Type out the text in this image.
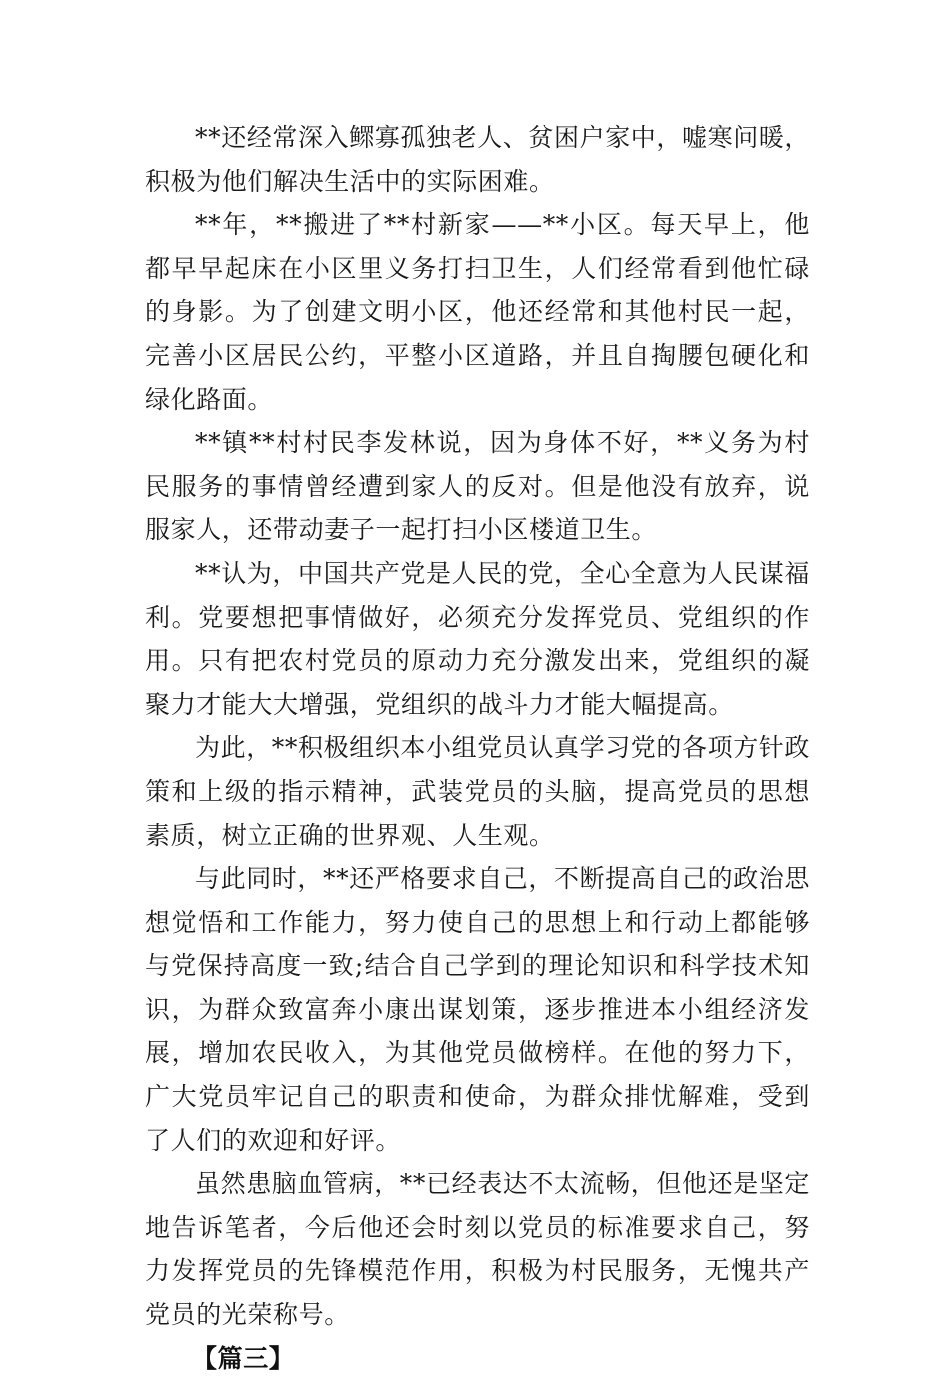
**还经常深入鳏寡孤独老人、贫困户家中，嘘寒问暖，积极为他们解决生活中的实际困难。

**年，**搬进了**村新家——**小区。每天早上，他都早早起床在小区里义务打扫卫生，人们经常看到他忙碌的身影。为了创建文明小区，他还经常和其他村民一起，完善小区居民公约，平整小区道路，并且自掏腰包硬化和绿化路面。

**镇**村村民李发林说，因为身体不好，**义务为村民服务的事情曾经遭到家人的反对。但是他没有放弃，说服家人，还带动妻子一起打扫小区楼道卫生。

**认为，中国共产党是人民的党，全心全意为人民谋福利。党要想把事情做好，必须充分发挥党员、党组织的作用。只有把农村党员的原动力充分激发出来，党组织的凝聚力才能大大增强，党组织的战斗力才能大幅提高。

为此，**积极组织本小组党员认真学习党的各项方针政策和上级的指示精神，武装党员的头脑，提高党员的思想素质，树立正确的世界观、人生观。

与此同时，**还严格要求自己，不断提高自己的政治思想觉悟和工作能力，努力使自己的思想上和行动上都能够与党保持高度一致;结合自己学到的理论知识和科学技术知识，为群众致富奔小康出谋划策，逐步推进本小组经济发展，增加农民收入，为其他党员做榜样。在他的努力下，广大党员牢记自己的职责和使命，为群众排忧解难，受到了人们的欢迎和好评。

虽然患脑血管病，**已经表达不太流畅，但他还是坚定地告诉笔者，今后他还会时刻以党员的标准要求自己，努力发挥党员的先锋模范作用，积极为村民服务，无愧共产党员的光荣称号。

【篇三】
